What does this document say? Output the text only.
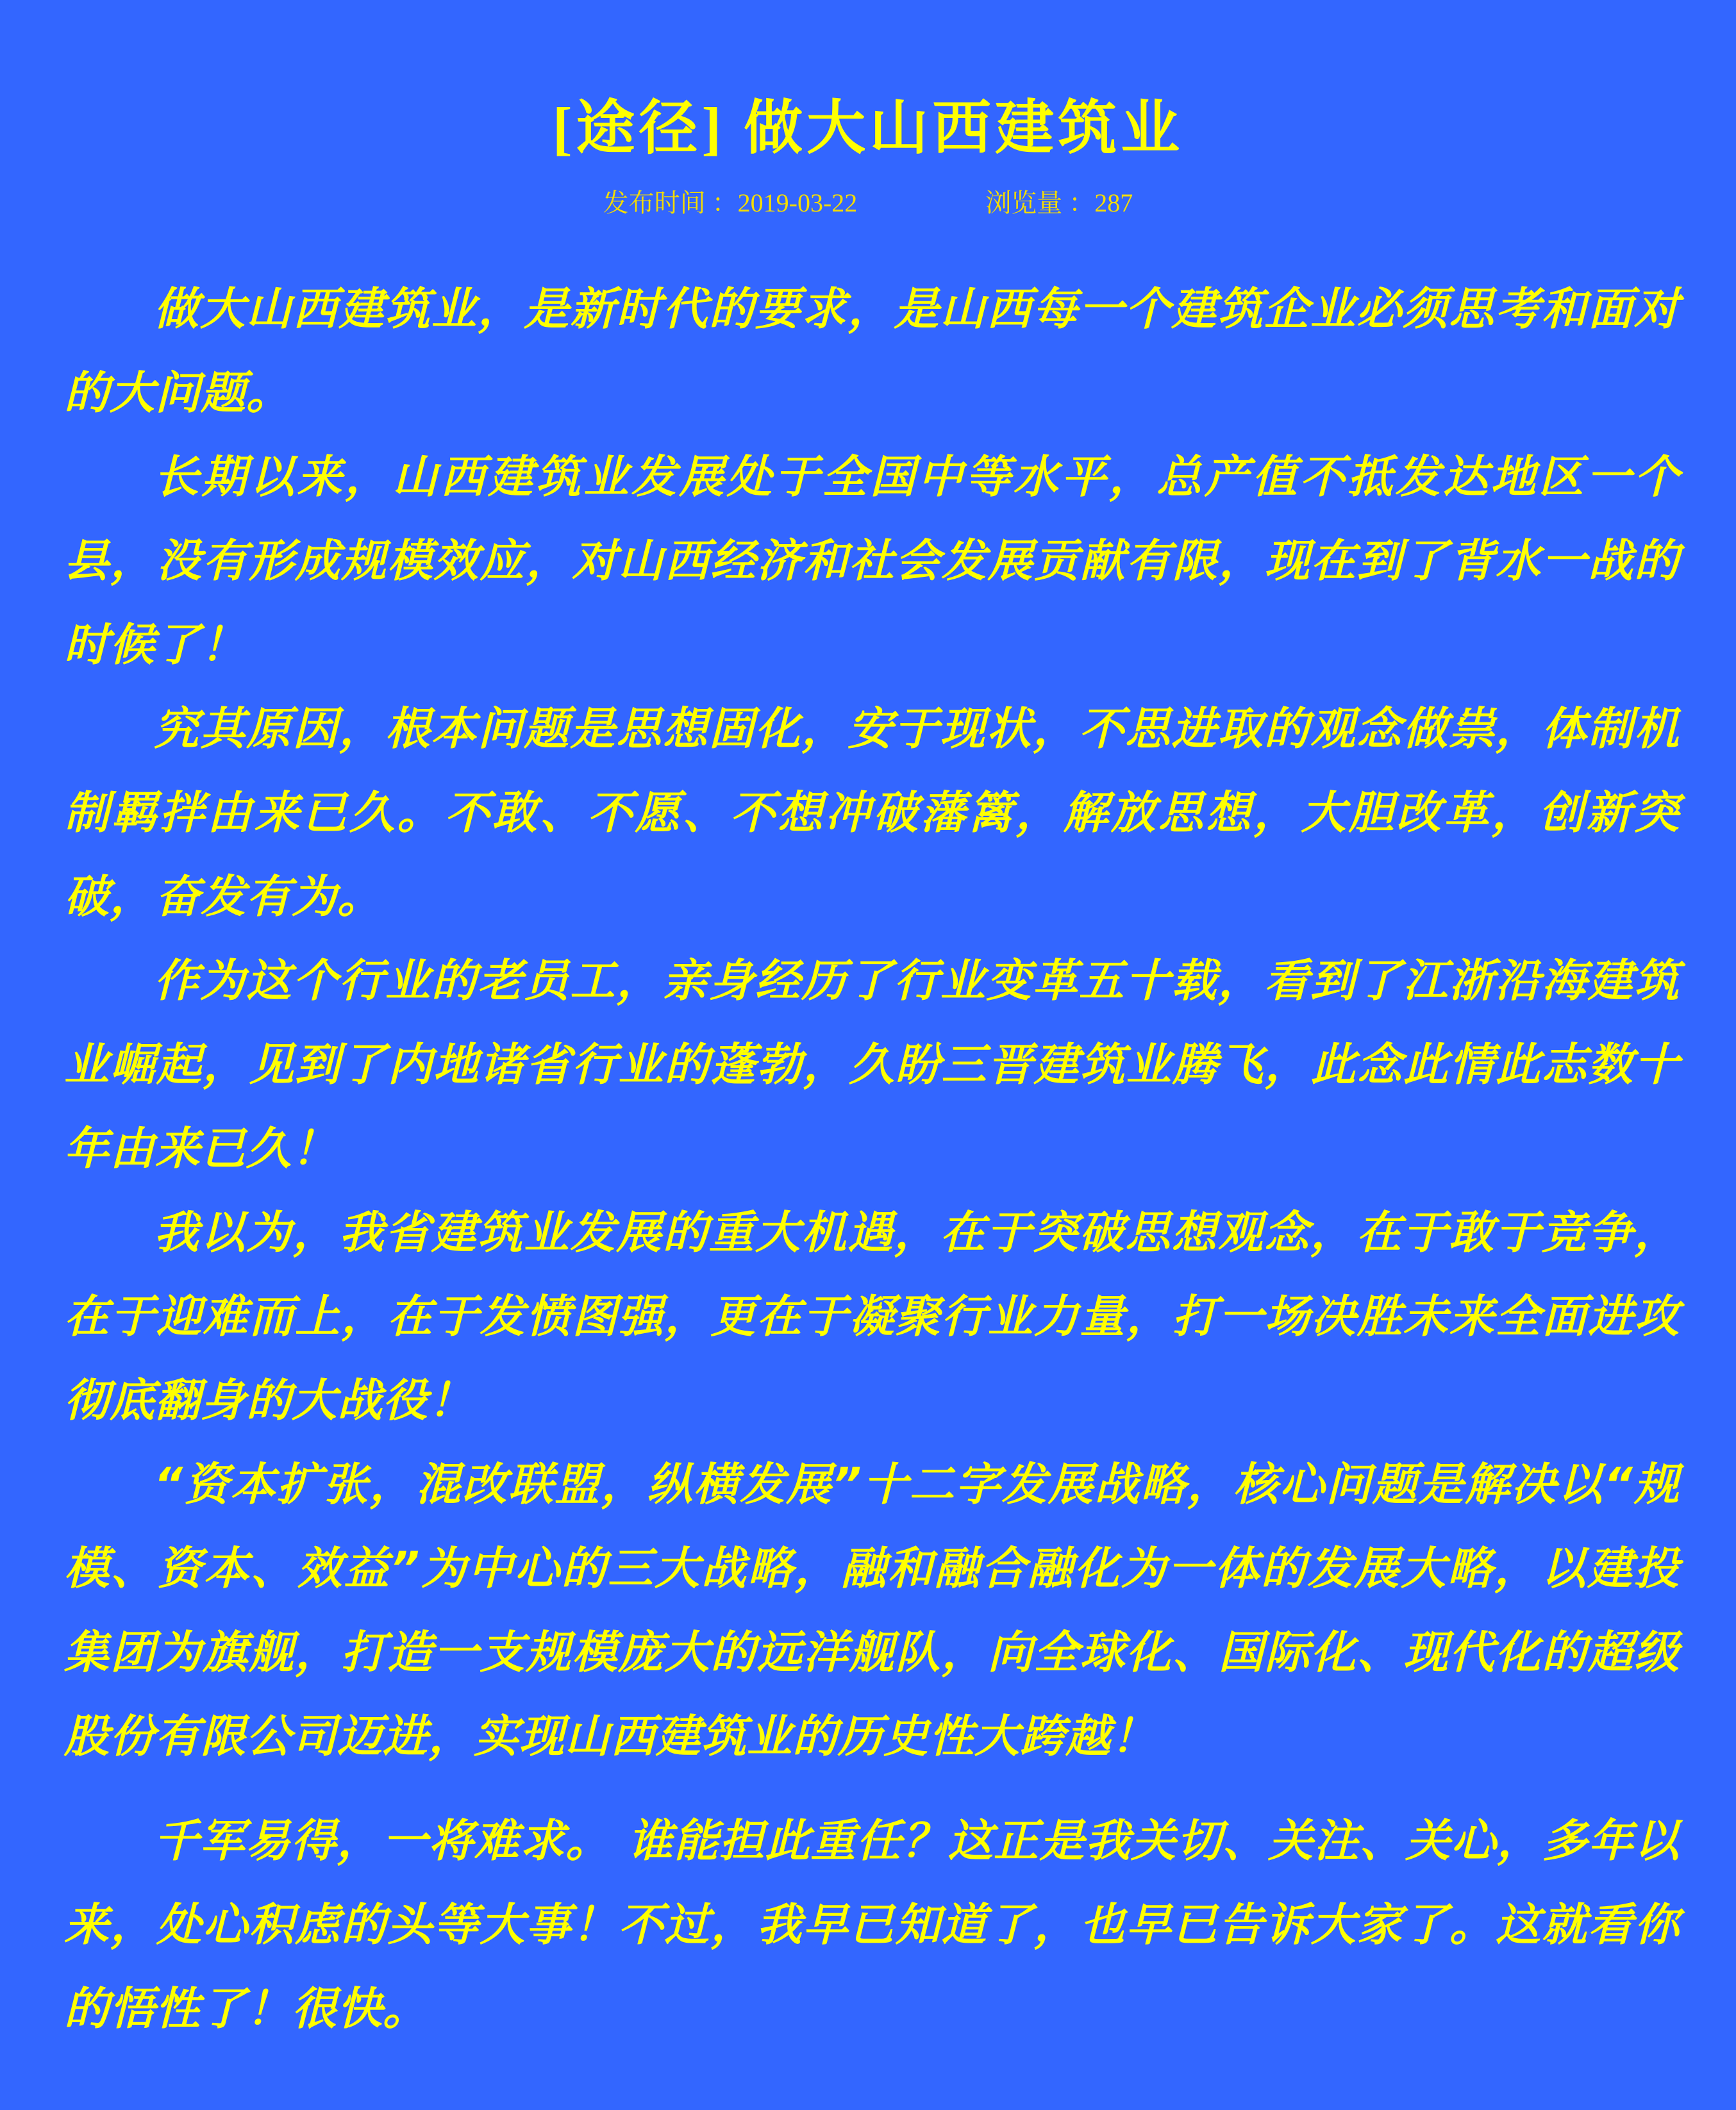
[途径] 做大山西建筑业
发布时间 ：2019-03-22	浏览量 ：287

做大山西建筑业，是新时代的要求，是山西每一个建筑企业必须思考和面对的大问题。

长期以来，山西建筑业发展处于全国中等水平，总产值不抵发达地区一个县，没有形成规模效应，对山西经济和社会发展贡献有限，现在到了背水一战的时候了！

究其原因，根本问题是思想固化，安于现状，不思进取的观念做祟，体制机制羁拌由来已久。不敢、不愿、不想冲破藩篱，解放思想，大胆改革，创新突破，奋发有为。

作为这个行业的老员工，亲身经历了行业变革五十载，看到了江浙沿海建筑业崛起，见到了内地诸省行业的蓬勃，久盼三晋建筑业腾飞，此念此情此志数十年由来已久！

我以为，我省建筑业发展的重大机遇，在于突破思想观念，在于敢于竞争，在于迎难而上，在于发愤图强，更在于凝聚行业力量，打一场决胜未来全面进攻彻底翻身的大战役！

“资本扩张，混改联盟，纵横发展”十二字发展战略，核心问题是解决以“规模、资本、效益”为中心的三大战略，融和融合融化为一体的发展大略，以建投集团为旗舰，打造一支规模庞大的远洋舰队，向全球化、国际化、现代化的超级股份有限公司迈进，实现山西建筑业的历史性大跨越！

千军易得，一将难求。 谁能担此重任？这正是我关切、关注、关心，多年以来，处心积虑的头等大事！不过，我早已知道了，也早已告诉大家了。这就看你的悟性了！很快。
